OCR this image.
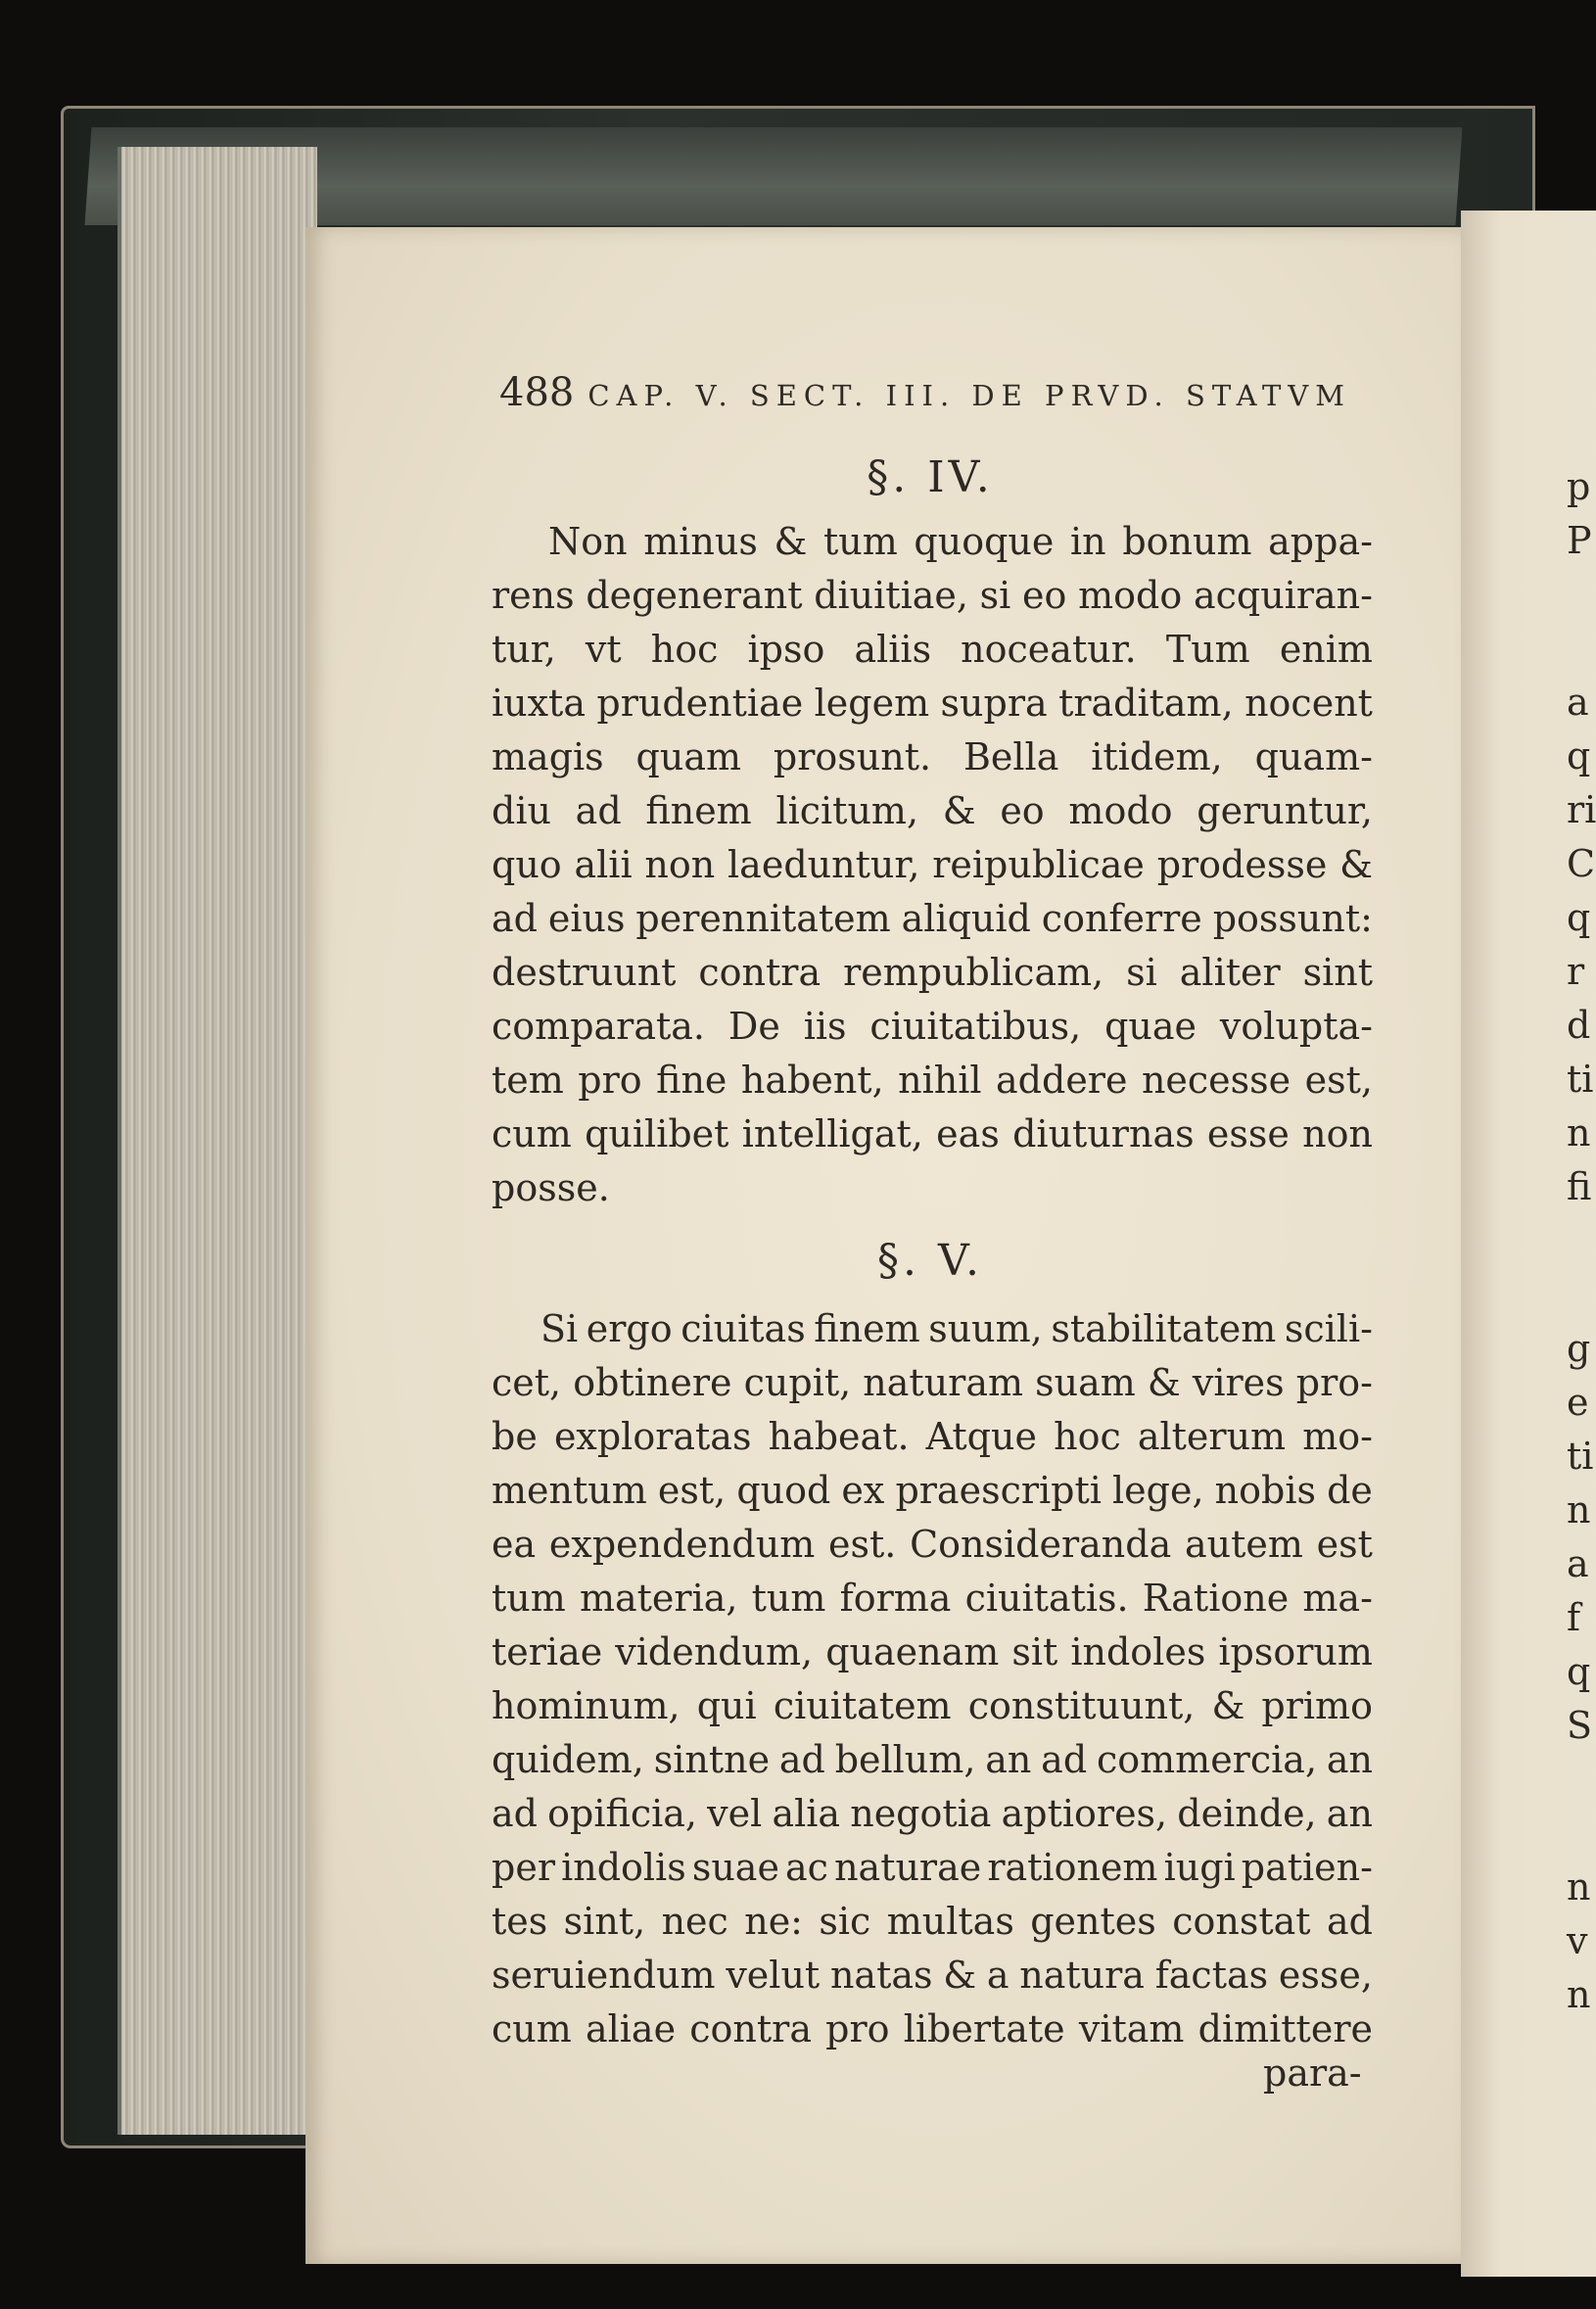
488 CAP. V. SECT. III. DE PRVD. STATVM
§. IV.
Non minus & tum quoque in bonum appa-
rens degenerant diuitiae, si eo modo acquiran-
tur, vt hoc ipso aliis noceatur. Tum enim
iuxta prudentiae legem supra traditam, nocent
magis quam prosunt. Bella itidem, quam-
diu ad finem licitum, & eo modo geruntur,
quo alii non laeduntur, reipublicae prodesse &
ad eius perennitatem aliquid conferre possunt:
destruunt contra rempublicam, si aliter sint
comparata. De iis ciuitatibus, quae volupta-
tem pro fine habent, nihil addere necesse est,
cum quilibet intelligat, eas diuturnas esse non
posse.
§. V.
Si ergo ciuitas finem suum, stabilitatem scili-
cet, obtinere cupit, naturam suam & vires pro-
be exploratas habeat. Atque hoc alterum mo-
mentum est, quod ex praescripti lege, nobis de
ea expendendum est. Consideranda autem est
tum materia, tum forma ciuitatis. Ratione ma-
teriae videndum, quaenam sit indoles ipsorum
hominum, qui ciuitatem constituunt, & primo
quidem, sintne ad bellum, an ad commercia, an
ad opificia, vel alia negotia aptiores, deinde, an
per indolis suae ac naturae rationem iugi patien-
tes sint, nec ne: sic multas gentes constat ad
seruiendum velut natas & a natura factas esse,
cum aliae contra pro libertate vitam dimittere
para-
p
P
a
q
ri
C
q
r
d
ti
n
fi
g
e
ti
n
a
f
q
S
n
v
n
